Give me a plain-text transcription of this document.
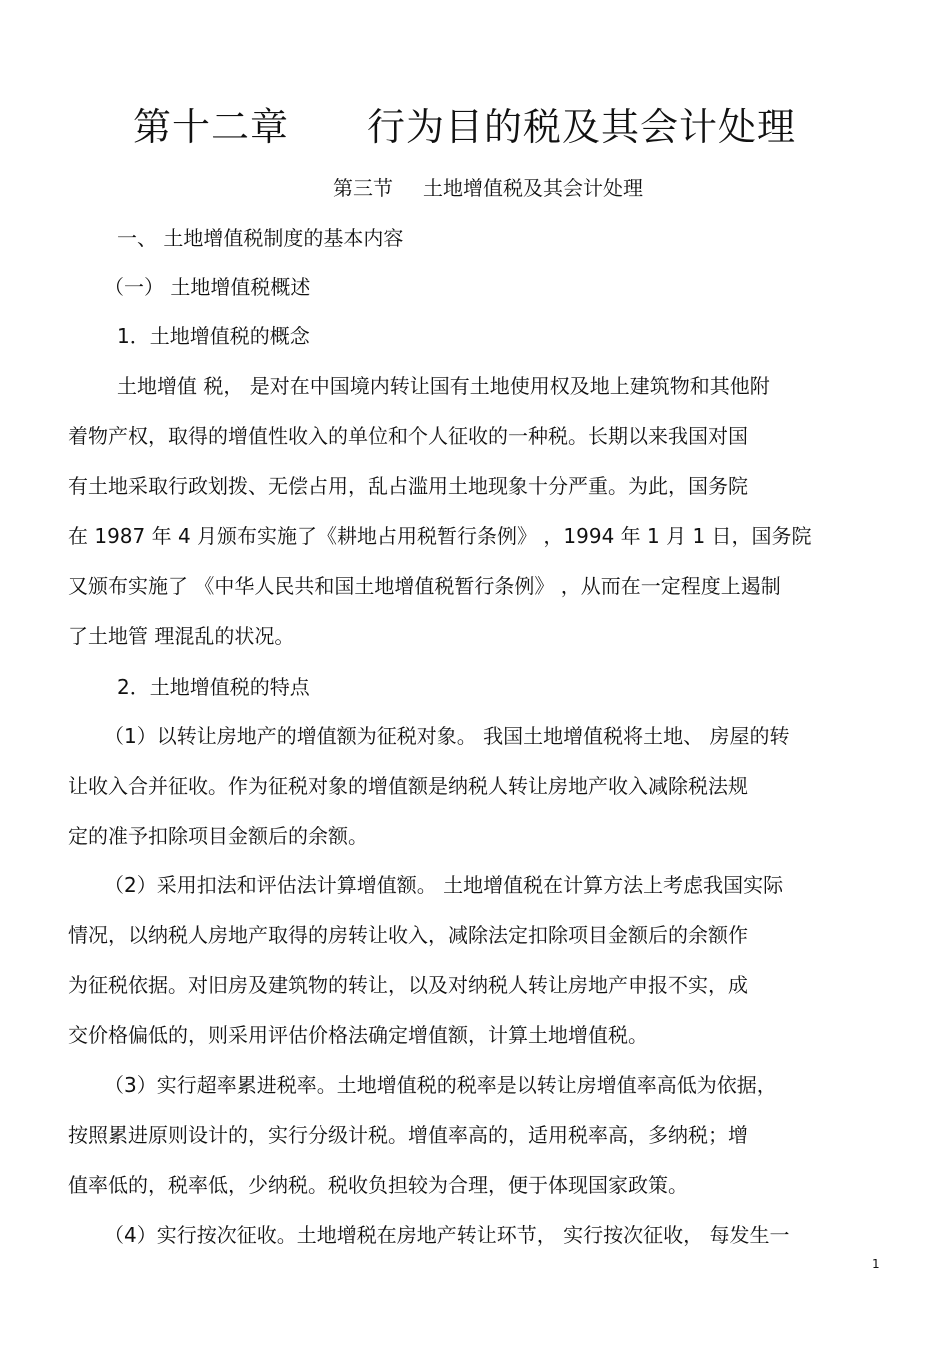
第十二章 行为目的税及其会计处理
第三节 土地增值税及其会计处理
一、 土地增值税制度的基本内容
（一） 土地增值税概述
1．土地增值税的概念
土地增值 税， 是对在中国境内转让国有土地使用权及地上建筑物和其他附
着物产权，取得的增值性收入的单位和个人征收的一种税。长期以来我国对国
有土地采取行政划拨、无偿占用，乱占滥用土地现象十分严重。为此，国务院
在 1987 年 4 月颁布实施了《耕地占用税暂行条例》 ，1994 年 1 月 1 日，国务院
又颁布实施了 《中华人民共和国土地增值税暂行条例》 ，从而在一定程度上遏制
了土地管 理混乱的状况。
2．土地增值税的特点
（1）以转让房地产的增值额为征税对象。 我国土地增值税将土地、 房屋的转
让收入合并征收。作为征税对象的增值额是纳税人转让房地产收入减除税法规
定的准予扣除项目金额后的余额。
（2）采用扣法和评估法计算增值额。 土地增值税在计算方法上考虑我国实际
情况，以纳税人房地产取得的房转让收入，减除法定扣除项目金额后的余额作
为征税依据。对旧房及建筑物的转让，以及对纳税人转让房地产申报不实，成
交价格偏低的，则采用评估价格法确定增值额，计算土地增值税。
（3）实行超率累进税率。土地增值税的税率是以转让房增值率高低为依据，
按照累进原则设计的，实行分级计税。增值率高的，适用税率高，多纳税；增
值率低的，税率低，少纳税。税收负担较为合理，便于体现国家政策。
（4）实行按次征收。土地增税在房地产转让环节， 实行按次征收， 每发生一
1
